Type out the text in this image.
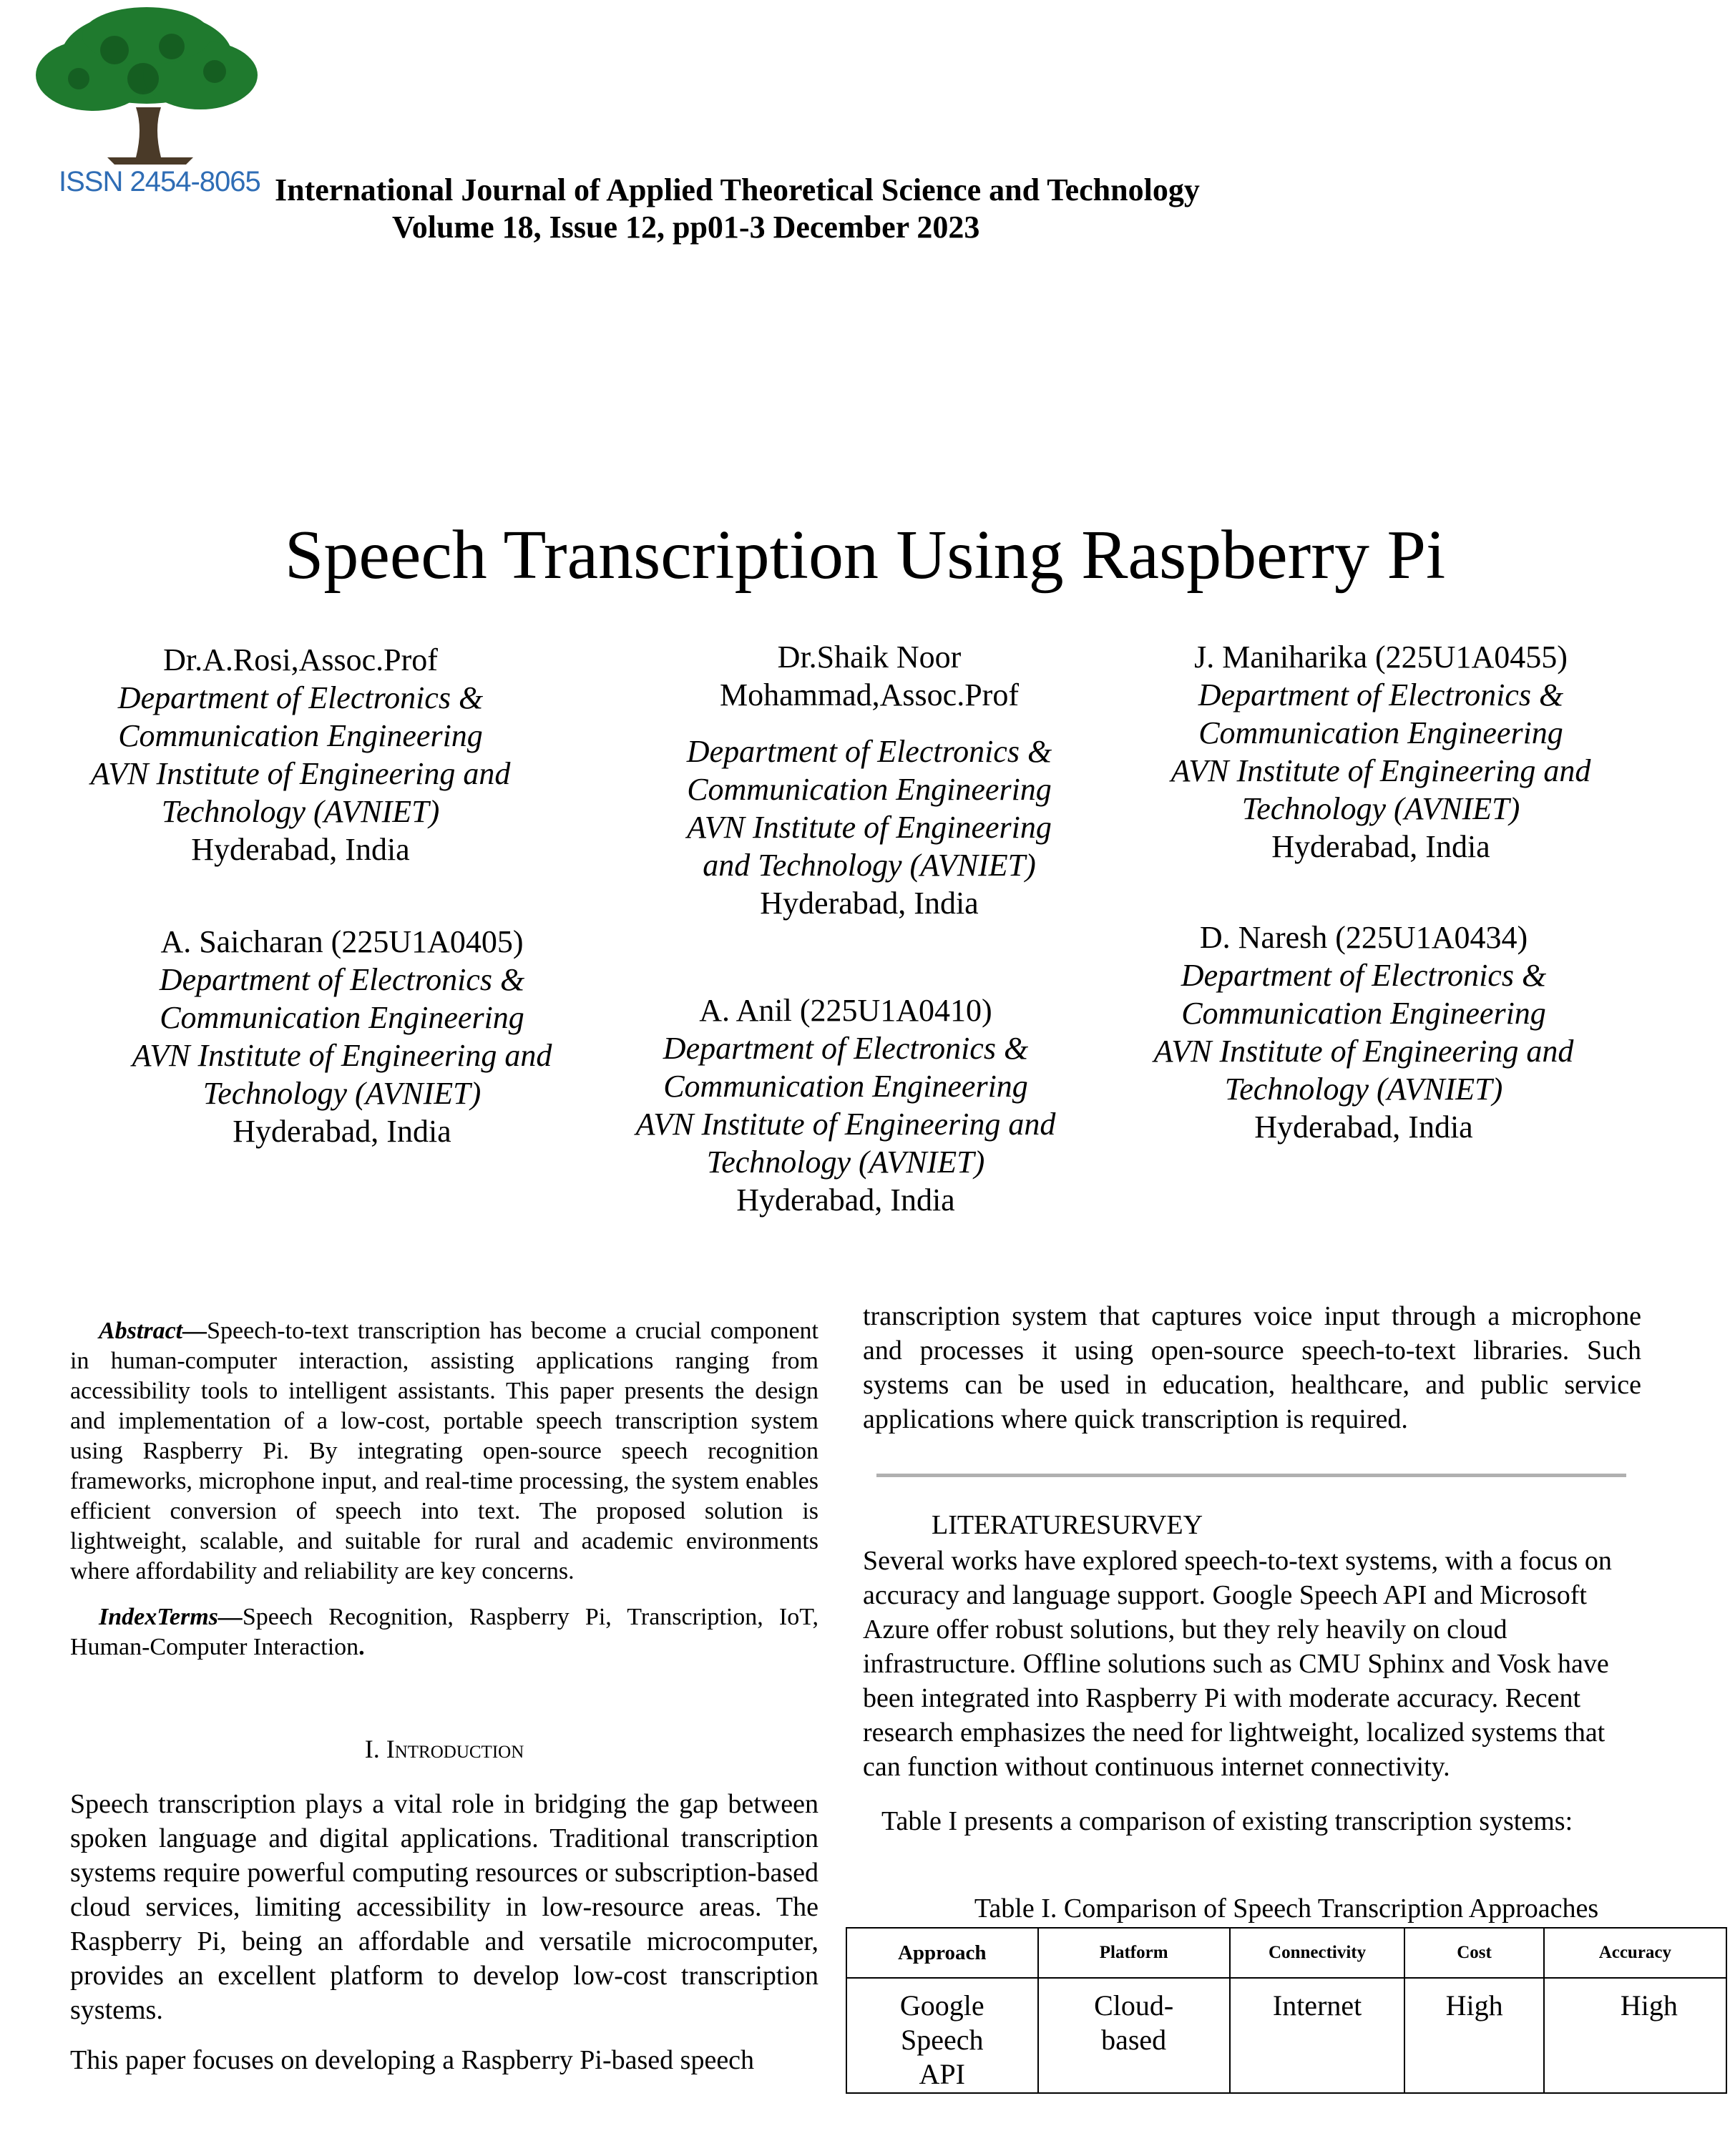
ISSN 2454-8065 International Journal of Applied Theoretical Science and Technology
Volume 18, Issue 12, pp01-3 December 2023
Speech Transcription Using Raspberry Pi
Dr.A.Rosi,Assoc.Prof
Department of Electronics &
Communication Engineering
AVN Institute of Engineering and
Technology (AVNIET)
Hyderabad, India
Dr.Shaik Noor
Mohammad,Assoc.Prof
Department of Electronics &
Communication Engineering
AVN Institute of Engineering
and Technology (AVNIET)
Hyderabad, India
J. Maniharika (225U1A0455)
Department of Electronics &
Communication Engineering
AVN Institute of Engineering and
Technology (AVNIET)
Hyderabad, India
A. Saicharan (225U1A0405)
Department of Electronics &
Communication Engineering
AVN Institute of Engineering and
Technology (AVNIET)
Hyderabad, India
A. Anil (225U1A0410)
Department of Electronics &
Communication Engineering
AVN Institute of Engineering and
Technology (AVNIET)
Hyderabad, India
D. Naresh (225U1A0434)
Department of Electronics &
Communication Engineering
AVN Institute of Engineering and
Technology (AVNIET)
Hyderabad, India

Abstract—Speech-to-text transcription has become a crucial component in human-computer interaction, assisting applications ranging from accessibility tools to intelligent assistants. This paper presents the design and implementation of a low-cost, portable speech transcription system using Raspberry Pi. By integrating open-source speech recognition frameworks, microphone input, and real-time processing, the system enables efficient conversion of speech into text. The proposed solution is lightweight, scalable, and suitable for rural and academic environments where affordability and reliability are key concerns.

IndexTerms—Speech Recognition, Raspberry Pi, Transcription, IoT, Human-Computer Interaction.

I. Introduction

Speech transcription plays a vital role in bridging the gap between spoken language and digital applications. Traditional transcription systems require powerful computing resources or subscription-based cloud services, limiting accessibility in low-resource areas. The Raspberry Pi, being an affordable and versatile microcomputer, provides an excellent platform to develop low-cost transcription systems.

This paper focuses on developing a Raspberry Pi-based speech

transcription system that captures voice input through a microphone and processes it using open-source speech-to-text libraries. Such systems can be used in education, healthcare, and public service applications where quick transcription is required.
LITERATURESURVEY

Several works have explored speech-to-text systems, with a focus on accuracy and language support. Google Speech API and Microsoft Azure offer robust solutions, but they rely heavily on cloud infrastructure. Offline solutions such as CMU Sphinx and Vosk have been integrated into Raspberry Pi with moderate accuracy. Recent research emphasizes the need for lightweight, localized systems that can function without continuous internet connectivity.

Table I presents a comparison of existing transcription systems:

Table I. Comparison of Speech Transcription Approaches
Approach	Platform	Connectivity	Cost	Accuracy
Google Speech API	Cloud-based	Internet	High	High
